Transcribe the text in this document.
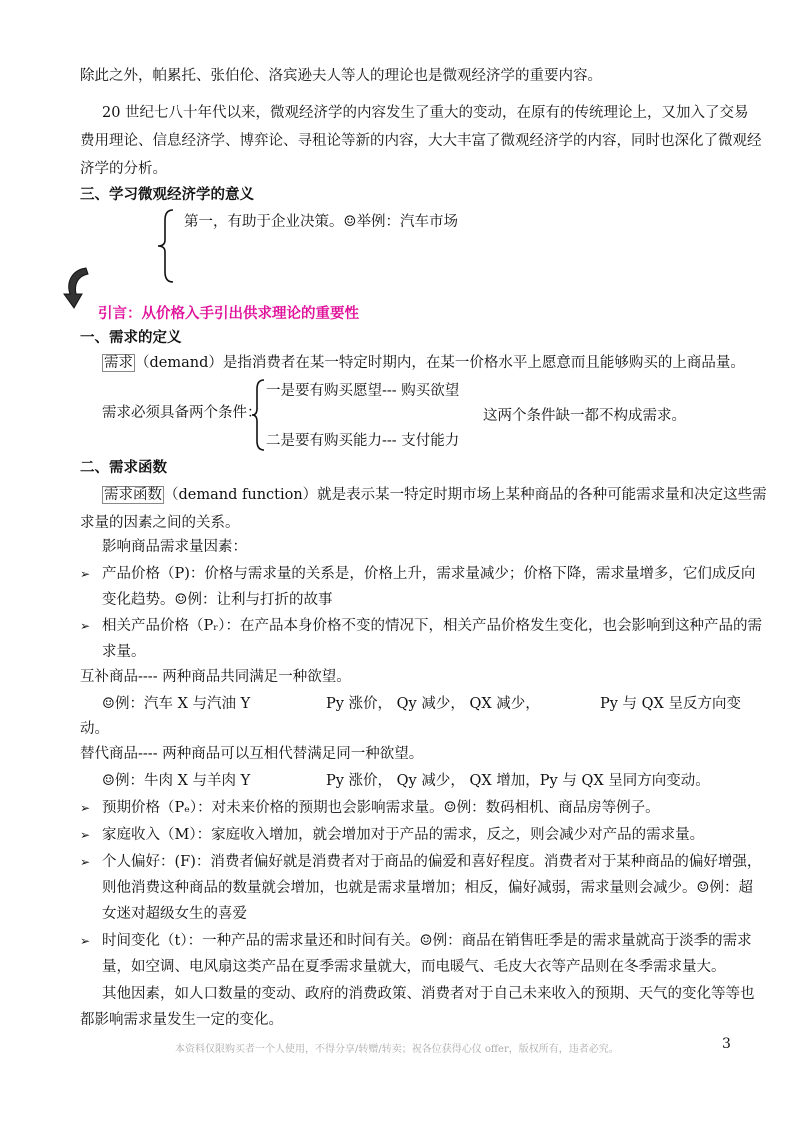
除此之外，帕累托、张伯伦、洛宾逊夫人等人的理论也是微观经济学的重要内容。
20 世纪七八十年代以来，微观经济学的内容发生了重大的变动，在原有的传统理论上，又加入了交易
费用理论、信息经济学、博弈论、寻租论等新的内容，大大丰富了微观经济学的内容，同时也深化了微观经
济学的分析。
三、学习微观经济学的意义
第一，有助于企业决策。☺举例：汽车市场
引言：从价格入手引出供求理论的重要性
一、需求的定义
需求 （demand）是指消费者在某一特定时期内，在某一价格水平上愿意而且能够购买的上商品量。
需求必须具备两个条件：
一是要有购买愿望--- 购买欲望
二是要有购买能力--- 支付能力
这两个条件缺一都不构成需求。
二、需求函数
需求函数 （demand function）就是表示某一特定时期市场上某种商品的各种可能需求量和决定这些需
求量的因素之间的关系。
影响商品需求量因素：
➢ 产品价格（P)：价格与需求量的关系是，价格上升，需求量减少；价格下降，需求量增多，它们成反向
变化趋势。☺例：让利与打折的故事
➢ 相关产品价格（Pᵣ）：在产品本身价格不变的情况下，相关产品价格发生变化，也会影响到这种产品的需
求量。
互补商品---- 两种商品共同满足一种欲望。
☺例：汽车 X 与汽油 Y	Py 涨价， Qy 减少， QX 减少，	Py 与 QX 呈反方向变
动。
替代商品---- 两种商品可以互相代替满足同一种欲望。
☺例：牛肉 X 与羊肉 Y	Py 涨价， Qy 减少， QX 增加，Py 与 QX 呈同方向变动。
➢ 预期价格（Pₑ）：对未来价格的预期也会影响需求量。☺例：数码相机、商品房等例子。
➢ 家庭收入（M）：家庭收入增加，就会增加对于产品的需求，反之，则会减少对产品的需求量。
➢ 个人偏好：(F)：消费者偏好就是消费者对于商品的偏爱和喜好程度。消费者对于某种商品的偏好增强，
则他消费这种商品的数量就会增加，也就是需求量增加；相反，偏好减弱，需求量则会减少。☺例：超
女迷对超级女生的喜爱
➢ 时间变化（t）：一种产品的需求量还和时间有关。☺例：商品在销售旺季是的需求量就高于淡季的需求
量，如空调、电风扇这类产品在夏季需求量就大，而电暖气、毛皮大衣等产品则在冬季需求量大。
其他因素，如人口数量的变动、政府的消费政策、消费者对于自己未来收入的预期、天气的变化等等也
都影响需求量发生一定的变化。
本资料仅限购买者一个人使用，不得分享/转赠/转卖；祝各位获得心仪 offer，版权所有，违者必究。	3
